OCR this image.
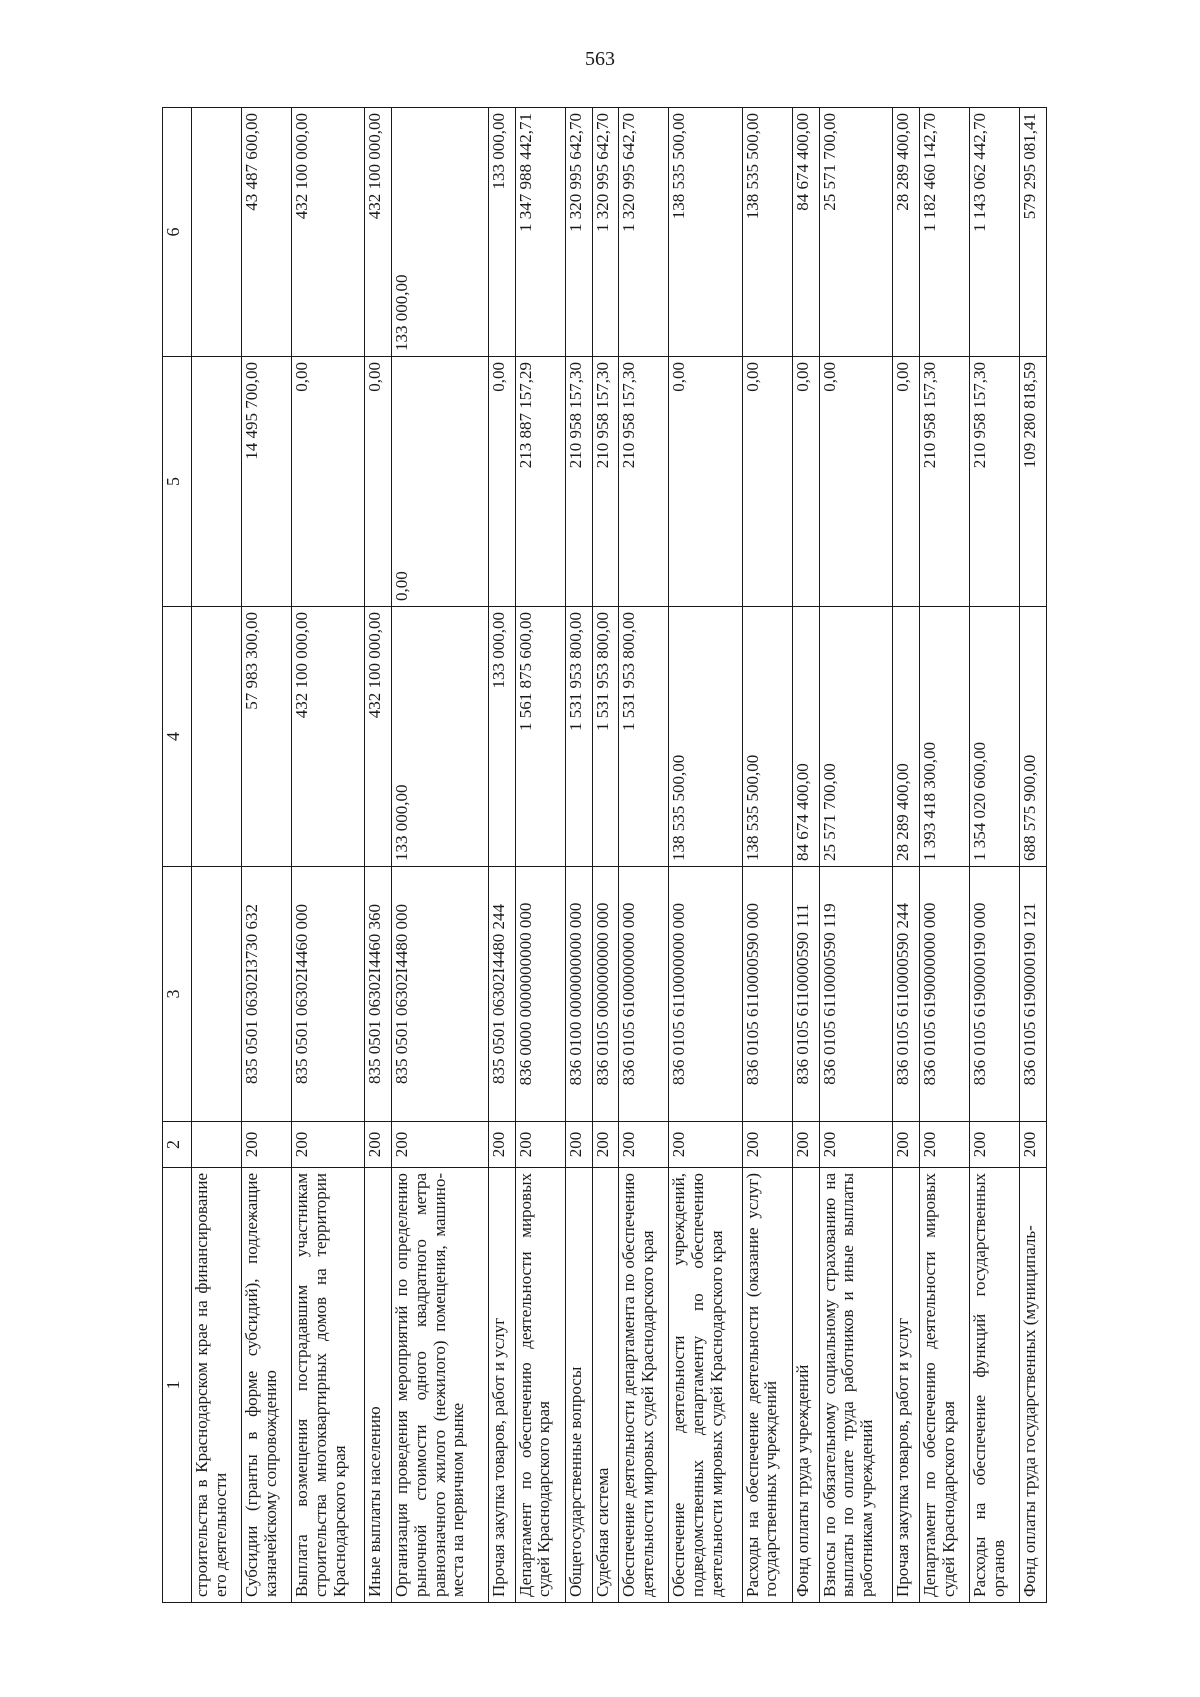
563
1	2	3	4	5	6
строительства в Краснодарском крае на финансирование его деятельности					
Субсидии (гранты в форме субсидий), подлежащие казначейскому сопровождению	200	835 0501 06302I3730 632	57 983 300,00	14 495 700,00	43 487 600,00
Выплата возмещения пострадавшим участникам строительства многоквартирных домов на территории Краснодарского края	200	835 0501 06302I4460 000	432 100 000,00	0,00	432 100 000,00
Иные выплаты населению	200	835 0501 06302I4460 360	432 100 000,00	0,00	432 100 000,00
Организация проведения мероприятий по определению рыночной стоимости одного квадратного метра равнозначного жилого (нежилого) помещения, машино-места на первичном рынке	200	835 0501 06302I4480 000	133 000,00	0,00	133 000,00
Прочая закупка товаров, работ и услуг	200	835 0501 06302I4480 244	133 000,00	0,00	133 000,00
Департамент по обеспечению деятельности мировых судей Краснодарского края	200	836 0000 0000000000 000	1 561 875 600,00	213 887 157,29	1 347 988 442,71
Общегосударственные вопросы	200	836 0100 0000000000 000	1 531 953 800,00	210 958 157,30	1 320 995 642,70
Судебная система	200	836 0105 0000000000 000	1 531 953 800,00	210 958 157,30	1 320 995 642,70
Обеспечение деятельности департамента по обеспечению деятельности мировых судей Краснодарского края	200	836 0105 6100000000 000	1 531 953 800,00	210 958 157,30	1 320 995 642,70
Обеспечение деятельности учреждений, подведомственных департаменту по обеспечению деятельности мировых судей Краснодарского края	200	836 0105 6110000000 000	138 535 500,00	0,00	138 535 500,00
Расходы на обеспечение деятельности (оказание услуг) государственных учреждений	200	836 0105 6110000590 000	138 535 500,00	0,00	138 535 500,00
Фонд оплаты труда учреждений	200	836 0105 6110000590 111	84 674 400,00	0,00	84 674 400,00
Взносы по обязательному социальному страхованию на выплаты по оплате труда работников и иные выплаты работникам учреждений	200	836 0105 6110000590 119	25 571 700,00	0,00	25 571 700,00
Прочая закупка товаров, работ и услуг	200	836 0105 6110000590 244	28 289 400,00	0,00	28 289 400,00
Департамент по обеспечению деятельности мировых судей Краснодарского края	200	836 0105 6190000000 000	1 393 418 300,00	210 958 157,30	1 182 460 142,70
Расходы на обеспечение функций государственных органов	200	836 0105 6190000190 000	1 354 020 600,00	210 958 157,30	1 143 062 442,70
Фонд оплаты труда государственных (муниципаль-	200	836 0105 6190000190 121	688 575 900,00	109 280 818,59	579 295 081,41
